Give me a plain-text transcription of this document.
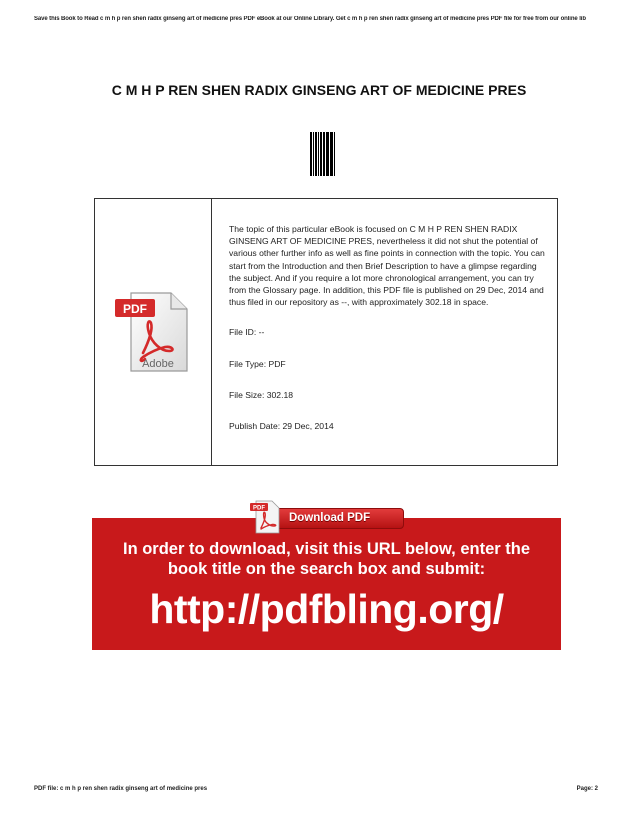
Save this Book to Read c m h p ren shen radix ginseng art of medicine pres PDF eBook at our Online Library. Get c m h p ren shen radix ginseng art of medicine pres PDF file for free from our online lib
C M H P REN SHEN RADIX GINSENG ART OF MEDICINE PRES
PDF
Adobe

The topic of this particular eBook is focused on C M H P REN SHEN RADIX GINSENG ART OF MEDICINE PRES, nevertheless it did not shut the potential of various other further info as well as fine points in connection with the topic. You can start from the Introduction and then Brief Description to have a glimpse regarding the subject. And if you require a lot more chronological arrangement, you can try from the Glossary page. In addition, this PDF file is published on 29 Dec, 2014 and thus filed in our repository as --, with approximately 302.18 in space.

File ID: --

File Type: PDF

File Size: 302.18

Publish Date: 29 Dec, 2014

In order to download, visit this URL below, enter the
book title on the search box and submit:
http://pdfbling.org/
Download PDF
PDF
PDF file: c m h p ren shen radix ginseng art of medicine pres	Page: 2
